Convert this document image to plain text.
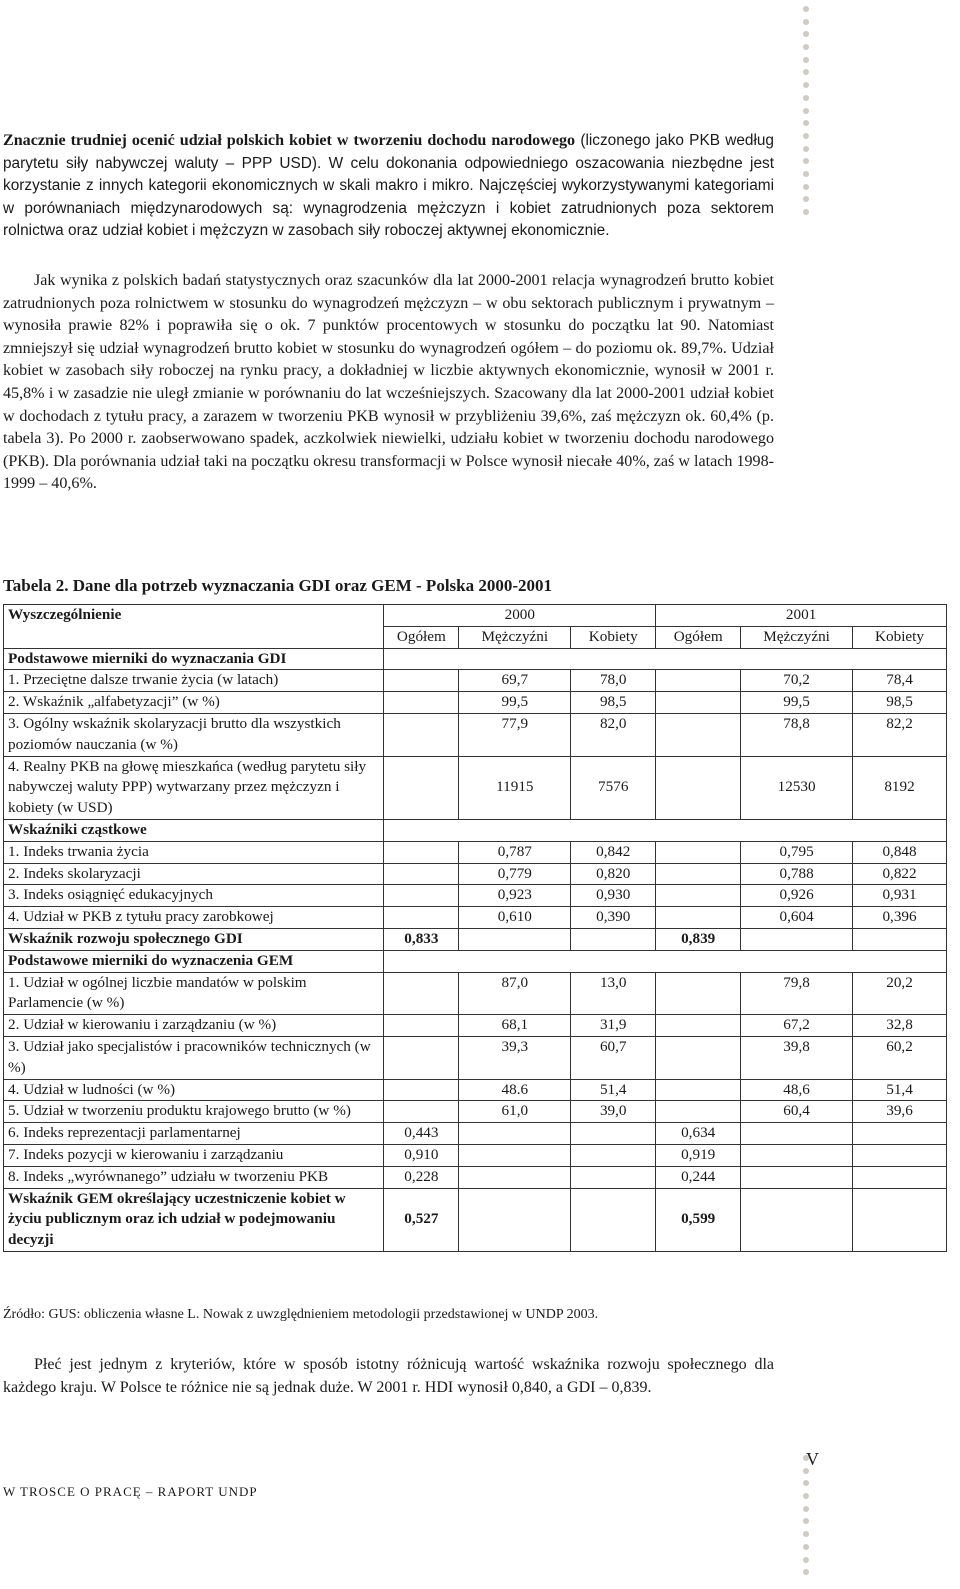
Znacznie trudniej ocenić udział polskich kobiet w tworzeniu dochodu narodowego (liczonego jako PKB według parytetu siły nabywczej waluty – PPP USD). W celu dokonania odpowiedniego oszacowania niezbędne jest korzystanie z innych kategorii ekonomicznych w skali makro i mikro. Najczęściej wykorzystywanymi kategoriami w porównaniach międzynarodowych są: wynagrodzenia mężczyzn i kobiet zatrudnionych poza sektorem rolnictwa oraz udział kobiet i mężczyzn w zasobach siły roboczej aktywnej ekonomicznie.

Jak wynika z polskich badań statystycznych oraz szacunków dla lat 2000-2001 relacja wynagrodzeń brutto kobiet zatrudnionych poza rolnictwem w stosunku do wynagrodzeń mężczyzn – w obu sektorach publicznym i prywatnym – wynosiła prawie 82% i poprawiła się o ok. 7 punktów procentowych w stosunku do początku lat 90. Natomiast zmniejszył się udział wynagrodzeń brutto kobiet w stosunku do wynagrodzeń ogółem – do poziomu ok. 89,7%. Udział kobiet w zasobach siły roboczej na rynku pracy, a dokładniej w liczbie aktywnych ekonomicznie, wynosił w 2001 r. 45,8% i w zasadzie nie uległ zmianie w porównaniu do lat wcześniejszych. Szacowany dla lat 2000-2001 udział kobiet w dochodach z tytułu pracy, a zarazem w tworzeniu PKB wynosił w przybliżeniu 39,6%, zaś mężczyzn ok. 60,4% (p. tabela 3). Po 2000 r. zaobserwowano spadek, aczkolwiek niewielki, udziału kobiet w tworzeniu dochodu narodowego (PKB). Dla porównania udział taki na początku okresu transformacji w Polsce wynosił niecałe 40%, zaś w latach 1998-1999 – 40,6%.

Tabela 2. Dane dla potrzeb wyznaczania GDI oraz GEM - Polska 2000-2001
Wyszczególnienie	2000			2001		
	Ogółem	Mężczyźni	Kobiety	Ogółem	Mężczyźni	Kobiety
Podstawowe mierniki do wyznaczania GDI						
1. Przeciętne dalsze trwanie życia (w latach)		69,7	78,0		70,2	78,4
2. Wskaźnik „alfabetyzacji” (w %)		99,5	98,5		99,5	98,5
3. Ogólny wskaźnik skolaryzacji brutto dla wszystkich poziomów nauczania (w %)		77,9	82,0		78,8	82,2
4. Realny PKB na głowę mieszkańca (według parytetu siły nabywczej waluty PPP) wytwarzany przez mężczyzn i kobiety (w USD)		11915	7576		12530	8192
Wskaźniki cząstkowe						
1. Indeks trwania życia		0,787	0,842		0,795	0,848
2. Indeks skolaryzacji		0,779	0,820		0,788	0,822
3. Indeks osiągnięć edukacyjnych		0,923	0,930		0,926	0,931
4. Udział w PKB z tytułu pracy zarobkowej		0,610	0,390		0,604	0,396
Wskaźnik rozwoju społecznego GDI	0,833			0,839		
Podstawowe mierniki do wyznaczenia GEM						
1. Udział w ogólnej liczbie mandatów w polskim Parlamencie (w %)		87,0	13,0		79,8	20,2
2. Udział w kierowaniu i zarządzaniu (w %)		68,1	31,9		67,2	32,8
3. Udział jako specjalistów i pracowników technicznych (w %)		39,3	60,7		39,8	60,2
4. Udział w ludności (w %)		48.6	51,4		48,6	51,4
5. Udział w tworzeniu produktu krajowego brutto (w %)		61,0	39,0		60,4	39,6
6. Indeks reprezentacji parlamentarnej	0,443			0,634		
7. Indeks pozycji w kierowaniu i zarządzaniu	0,910			0,919		
8. Indeks „wyrównanego” udziału w tworzeniu PKB	0,228			0,244		
Wskaźnik GEM określający uczestniczenie kobiet w życiu publicznym oraz ich udział w podejmowaniu decyzji	0,527			0,599		
Źródło: GUS: obliczenia własne L. Nowak z uwzględnieniem metodologii przedstawionej w UNDP 2003.

Płeć jest jednym z kryteriów, które w sposób istotny różnicują wartość wskaźnika rozwoju społecznego dla każdego kraju. W Polsce te różnice nie są jednak duże. W 2001 r. HDI wynosił 0,840, a GDI – 0,839.

W TROSCE O PRACĘ – RAPORT UNDP
V
